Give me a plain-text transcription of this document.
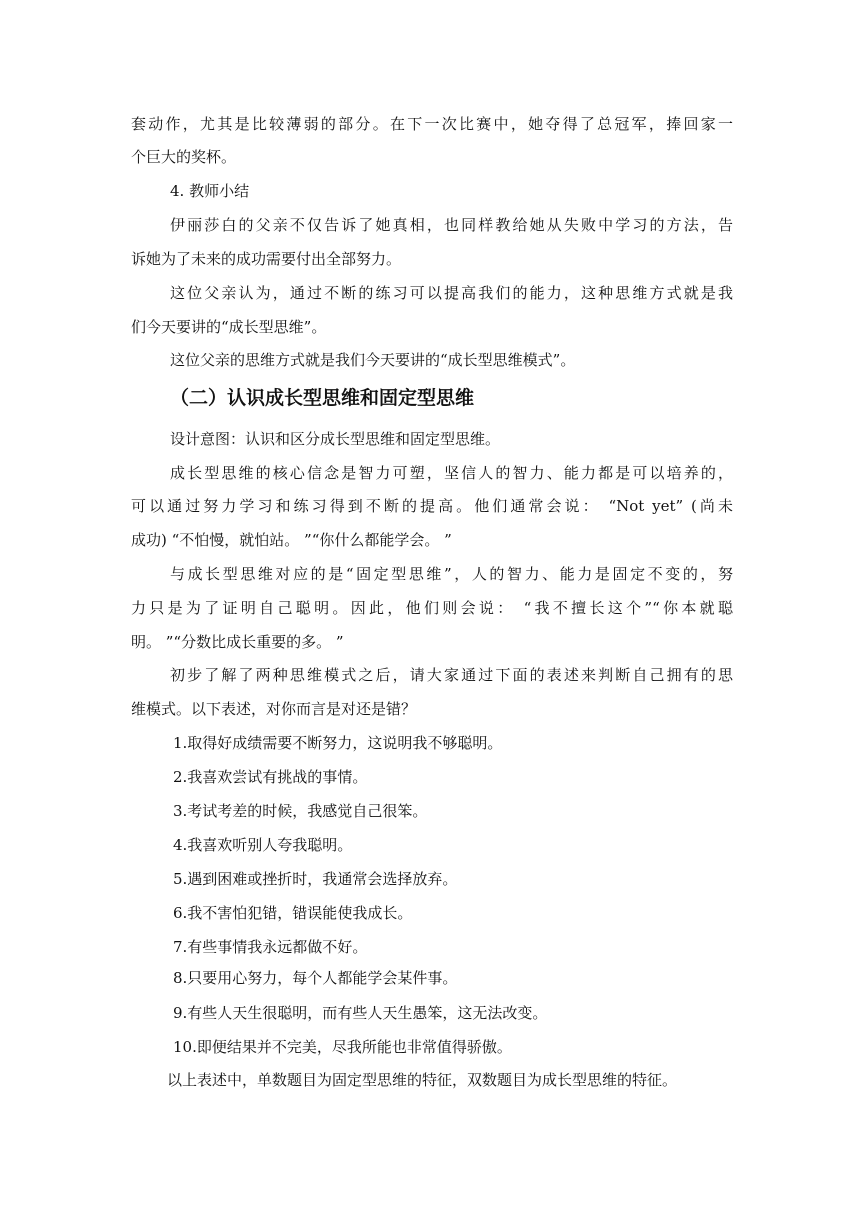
套动作，尤其是比较薄弱的部分。在下一次比赛中，她夺得了总冠军，捧回家一

个巨大的奖杯。

4. 教师小结

伊丽莎白的父亲不仅告诉了她真相，也同样教给她从失败中学习的方法，告

诉她为了未来的成功需要付出全部努力。

这位父亲认为，通过不断的练习可以提高我们的能力，这种思维方式就是我

们今天要讲的“成长型思维”。

这位父亲的思维方式就是我们今天要讲的“成长型思维模式”。

（二）认识成长型思维和固定型思维

设计意图：认识和区分成长型思维和固定型思维。

成长型思维的核心信念是智力可塑，坚信人的智力、能力都是可以培养的，

可以通过努力学习和练习得到不断的提高。他们通常会说： “Not yet” (尚未

成功) “不怕慢，就怕站。 ”“你什么都能学会。 ”

与成长型思维对应的是“固定型思维”，人的智力、能力是固定不变的，努

力只是为了证明自己聪明。因此，他们则会说： “我不擅长这个”“你本就聪

明。 ”“分数比成长重要的多。 ”

初步了解了两种思维模式之后，请大家通过下面的表述来判断自己拥有的思

维模式。以下表述，对你而言是对还是错？

1.取得好成绩需要不断努力，这说明我不够聪明。

2.我喜欢尝试有挑战的事情。

3.考试考差的时候，我感觉自己很笨。

4.我喜欢听别人夸我聪明。

5.遇到困难或挫折时，我通常会选择放弃。

6.我不害怕犯错，错误能使我成长。

7.有些事情我永远都做不好。

8.只要用心努力，每个人都能学会某件事。

9.有些人天生很聪明，而有些人天生愚笨，这无法改变。

10.即便结果并不完美，尽我所能也非常值得骄傲。

以上表述中，单数题目为固定型思维的特征，双数题目为成长型思维的特征。
